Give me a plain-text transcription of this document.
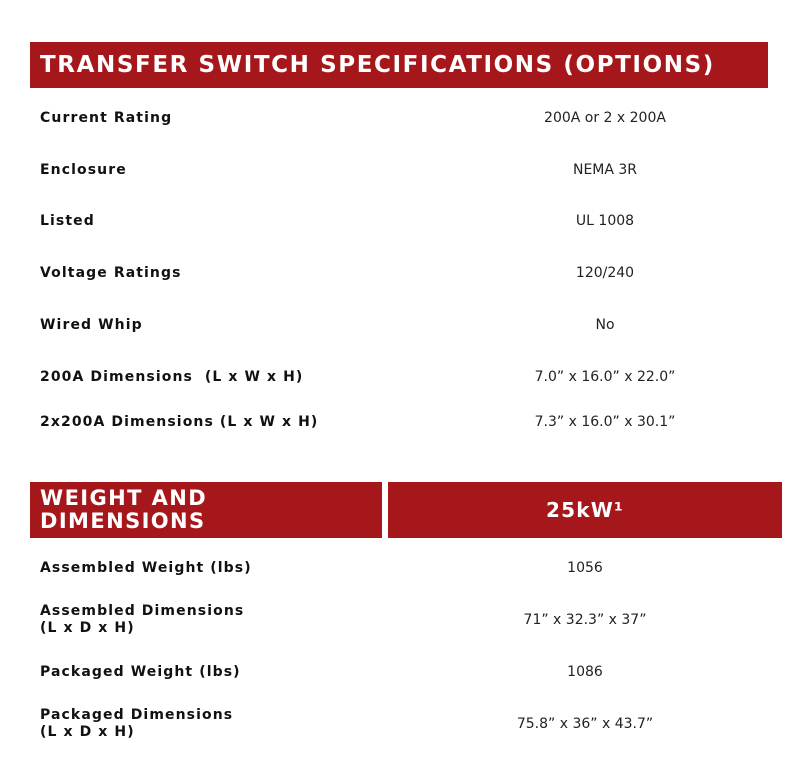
TRANSFER SWITCH SPECIFICATIONS (OPTIONS)
Current Rating	200A or 2 x 200A
Enclosure	NEMA 3R
Listed	UL 1008
Voltage Ratings	120/240
Wired Whip	No
200A Dimensions  (L x W x H)	7.0” x 16.0” x 22.0”
2x200A Dimensions (L x W x H)	7.3” x 16.0” x 30.1”
WEIGHT AND
DIMENSIONS	25kW¹
Assembled Weight (lbs)	1056
Assembled Dimensions
(L x D x H)	71” x 32.3” x 37”
Packaged Weight (lbs)	1086
Packaged Dimensions
(L x D x H)	75.8” x 36” x 43.7”
